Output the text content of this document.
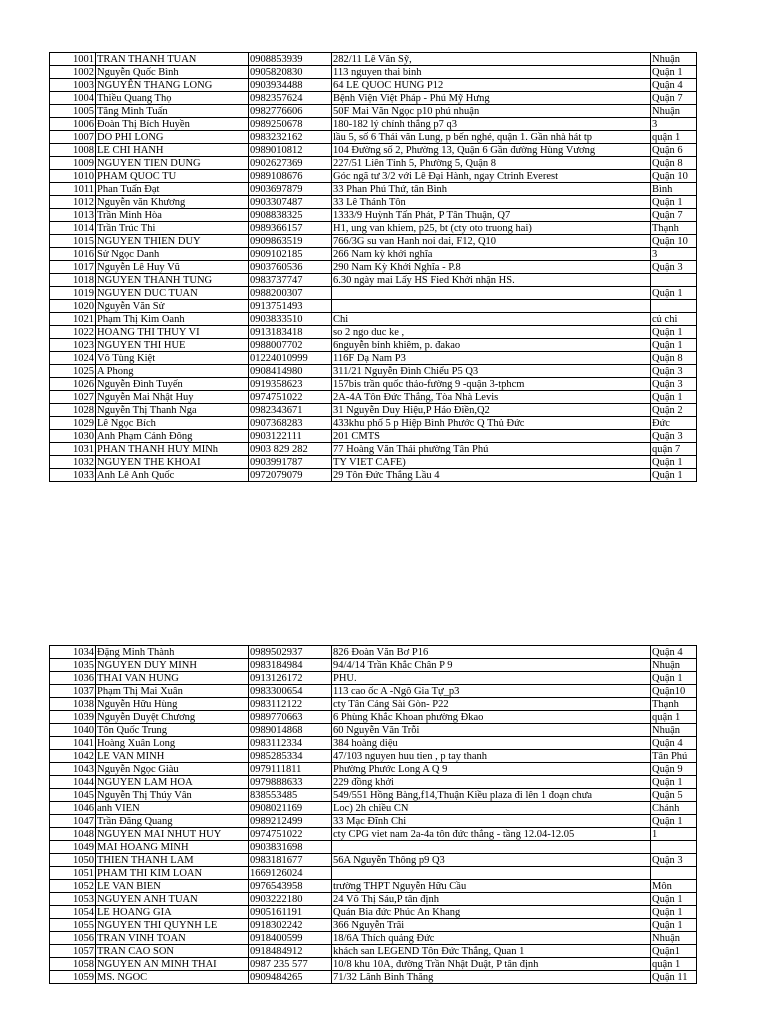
1001	TRAN THANH TUAN	0908853939	282/11 Lê Văn Sỹ,	Nhuận
1002	Nguyễn Quốc Bình	0905820830	113 nguyen thai binh	Quận 1
1003	NGUYỄN THANG LONG	0903934488	64 LE QUOC HUNG P12	Quận 4
1004	Thiều Quang Thọ	0982357624	Bệnh Viện Việt Pháp - Phú Mỹ Hưng	Quận 7
1005	Tăng Minh Tuấn	0982776606	50F Mai Văn Ngọc p10 phú nhuận	Nhuận
1006	Đoàn Thị Bích Huyền	0989250678	180-182 lý chính thắng p7 q3	3
1007	DO PHI LONG	0983232162	lầu 5, số 6 Thái văn Lung, p bến nghé, quận 1. Gần nhà hát tp	quận 1
1008	LE CHI HANH	0989010812	104 Đường số 2, Phường 13, Quận 6 Gần đường Hùng Vương	Quận 6
1009	NGUYEN TIEN DUNG	0902627369	227/51 Liên Tỉnh 5, Phường 5, Quận 8	Quận 8
1010	PHAM QUOC TU	0989108676	Góc ngã tư 3/2 với Lê Đại Hành, ngay Ctrinh Everest	Quận 10
1011	Phan Tuấn Đạt	0903697879	33 Phan Phú Thứ, tân Bình	Bình
1012	Nguyễn văn Khương	0903307487	33 Lê Thánh Tôn	Quận 1
1013	Trần Minh Hòa	0908838325	1333/9 Huỳnh Tấn Phát, P Tân Thuận, Q7	Quận 7
1014	Trần Trúc Thi	0989366157	H1, ung van khiem, p25, bt (cty oto truong hai)	Thạnh
1015	NGUYEN THIEN DUY	0909863519	766/3G su van Hanh noi dai, F12, Q10	Quận 10
1016	Sử Ngọc Danh	0909102185	266 Nam kỳ khởi nghĩa	3
1017	Nguyễn Lê Huy Vũ	0903760536	290 Nam Kỳ Khởi Nghĩa - P.8	Quận 3
1018	NGUYEN THANH TUNG	0983737747	6.30 ngày mai Lấy HS Fied Khởi nhận HS.	
1019	NGUYEN DUC TUAN	0988200307		Quận 1
1020	Nguyễn Văn Sử	0913751493		
1021	Phạm Thị Kim Oanh	0903833510	Chi	củ chi
1022	HOANG THI THUY VI	0913183418	so 2 ngo duc ke ,	Quận 1
1023	NGUYEN THI HUE	0988007702	6nguyễn bỉnh khiêm, p. đakao	Quận 1
1024	Võ Tùng Kiệt	01224010999	116F Dạ Nam P3	Quận 8
1025	A Phong	0908414980	311/21 Nguyễn Đình Chiểu P5 Q3	Quận 3
1026	Nguyễn Đình Tuyến	0919358623	157bis trần quốc thảo-fường 9 -quận 3-tphcm	Quận 3
1027	Nguyễn Mai Nhật Huy	0974751022	2A-4A Tôn Đức Thắng, Tòa Nhà Levis	Quận 1
1028	Nguyễn Thị Thanh Nga	0982343671	31 Nguyễn Duy Hiệu,P Hảo Điền,Q2	Quận 2
1029	Lê Ngọc Bích	0907368283	433khu phố 5 p Hiệp Bình Phước Q Thủ Đức	Đức
1030	Anh Phạm Cảnh Đông	0903122111	201 CMTS	Quận 3
1031	PHAN THANH HUY MINh	0903 829 282	77 Hoàng Văn Thái phường Tân Phú	quận 7
1032	NGUYEN THE KHOAI	0903991787	TY VIET CAFE)	Quận 1
1033	Anh Lê Anh Quốc	0972079079	29 Tôn Đức Thắng Lầu 4	Quận 1
1034	Đặng Minh Thành	0989502937	826 Đoàn Văn Bơ P16	Quận 4
1035	NGUYEN DUY MINH	0983184984	94/4/14 Trần Khắc Chân P 9	Nhuận
1036	THAI VAN HUNG	0913126172	PHU.	Quận 1
1037	Phạm Thị Mai Xuân	0983300654	113 cao ốc A -Ngô Gia Tự_p3	Quận10
1038	Nguyễn Hữu Hùng	0983112122	cty Tân Cảng Sài Gòn- P22	Thạnh
1039	Nguyễn Duyệt Chương	0989770663	6 Phùng Khắc Khoan phường Đkao	quận 1
1040	Tôn Quốc Trung	0989014868	60 Nguyễn Văn Trỗi	Nhuận
1041	Hoàng Xuân Long	0983112334	384 hoàng diệu	Quận 4
1042	LE VAN MINH	0985285334	47/103 nguyen huu tien , p tay thanh	Tân Phú
1043	Nguyễn Ngọc Giàu	0979111811	Phường Phước Long A Q 9	Quận 9
1044	NGUYEN LAM HOA	0979888633	229 đồng khởi	Quận 1
1045	Nguyễn Thị Thúy Vân	838553485	549/551 Hồng Bàng,f14,Thuận Kiều plaza đi lên 1 đoạn chưa	Quận 5
1046	anh VIEN	0908021169	Loc) 2h chiều CN	Chánh
1047	Trần Đăng Quang	0989212499	33 Mạc Đĩnh Chi	Quận 1
1048	NGUYEN MAI NHUT HUY	0974751022	cty CPG viet nam 2a-4a tôn đức thắng - tầng 12.04-12.05	1
1049	MAI HOANG MINH	0903831698		
1050	THIEN THANH LAM	0983181677	56A Nguyễn Thông p9 Q3	Quận 3
1051	PHAM THI KIM LOAN	1669126024		
1052	LE VAN BIEN	0976543958	trường THPT Nguyễn Hữu Cầu	Môn
1053	NGUYEN ANH TUAN	0903222180	24 Võ Thị Sáu,P tân định	Quận 1
1054	LE HOANG GIA	0905161191	Quán Bia đức Phúc An Khang	Quận 1
1055	NGUYEN THI QUYNH LE	0918302242	366 Nguyễn Trãi	Quận 1
1056	TRAN VINH TOAN	0918400599	18/6A Thích quảng Đức	Nhuận
1057	TRAN CAO SON	0918484912	khách san LEGEND Tôn Đức Thắng, Quan 1	Quận1
1058	NGUYEN AN MINH THAI	0987 235 577	10/8 khu 10A, đường Trần Nhật Duật, P tân định	quận 1
1059	MS. NGOC	0909484265	71/32 Lãnh Binh Thăng	Quận 11
